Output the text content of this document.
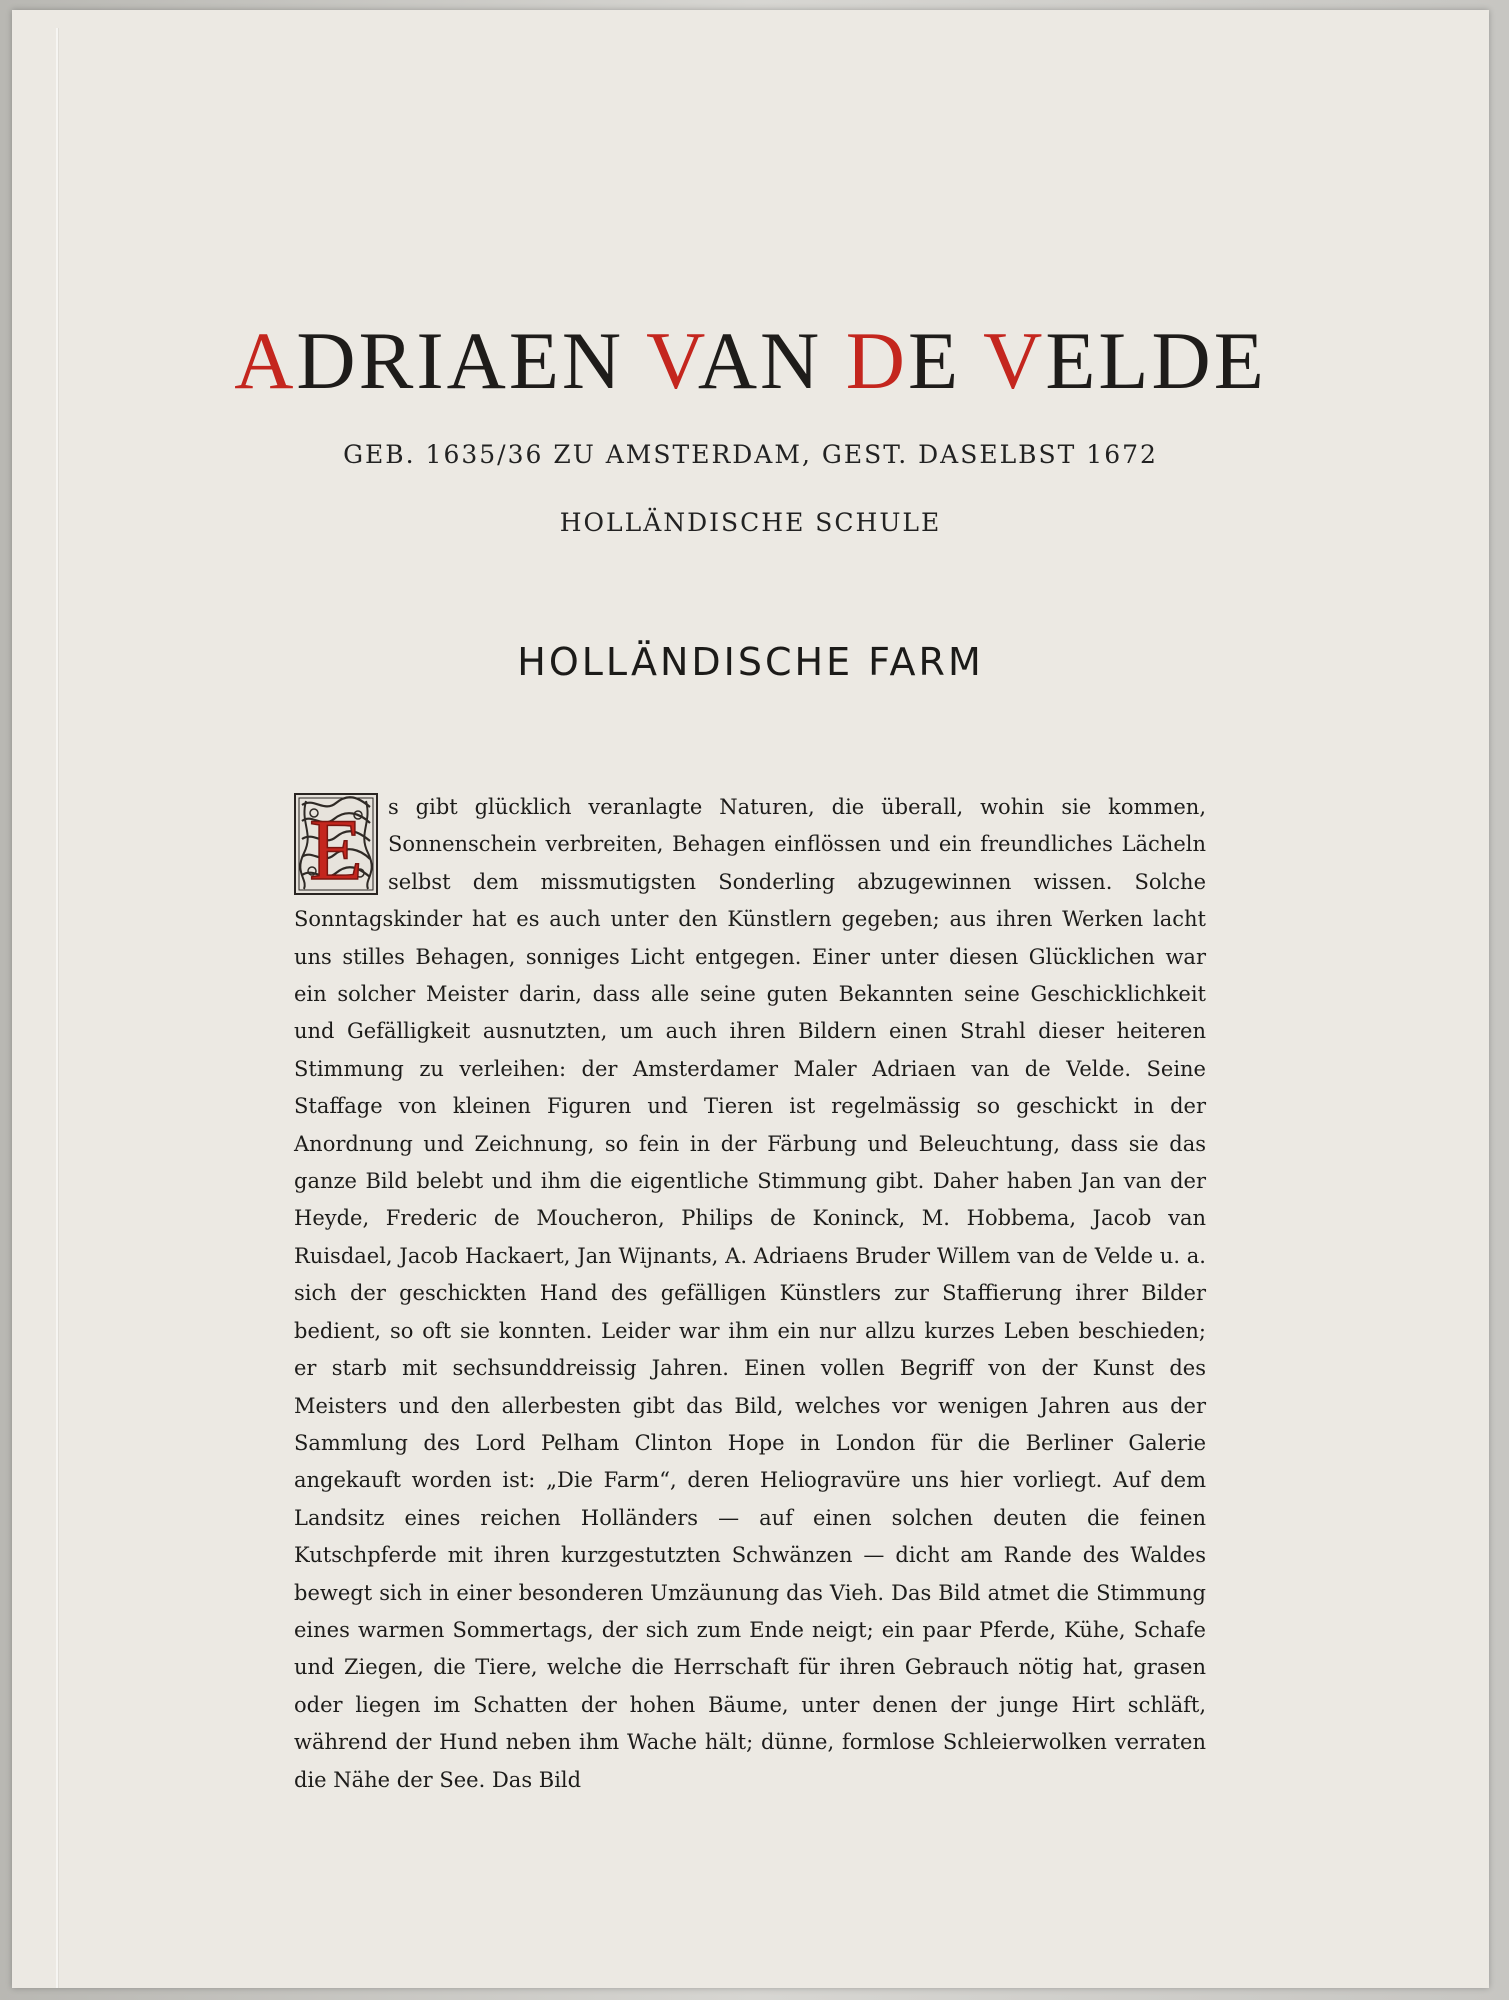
ADRIAEN VAN DE VELDE
GEB. 1635/36 ZU AMSTERDAM, GEST. DASELBST 1672
HOLLÄNDISCHE SCHULE
HOLLÄNDISCHE FARM
E s gibt glücklich veranlagte Naturen, die überall, wohin sie kommen, Sonnenschein verbreiten, Behagen einflössen und ein freundliches Lächeln selbst dem missmutigsten Sonderling abzugewinnen wissen. Solche Sonntagskinder hat es auch unter den Künstlern gegeben; aus ihren Werken lacht uns stilles Behagen, sonniges Licht entgegen. Einer unter diesen Glücklichen war ein solcher Meister darin, dass alle seine guten Bekannten seine Geschicklichkeit und Gefälligkeit ausnutzten, um auch ihren Bildern einen Strahl dieser heiteren Stimmung zu verleihen: der Amsterdamer Maler Adriaen van de Velde. Seine Staffage von kleinen Figuren und Tieren ist regelmässig so geschickt in der Anordnung und Zeichnung, so fein in der Färbung und Beleuchtung, dass sie das ganze Bild belebt und ihm die eigentliche Stimmung gibt. Daher haben Jan van der Heyde, Frederic de Moucheron, Philips de Koninck, M. Hobbema, Jacob van Ruisdael, Jacob Hackaert, Jan Wijnants, A. Adriaens Bruder Willem van de Velde u. a. sich der geschickten Hand des gefälligen Künstlers zur Staffierung ihrer Bilder bedient, so oft sie konnten. Leider war ihm ein nur allzu kurzes Leben beschieden; er starb mit sechsunddreissig Jahren. Einen vollen Begriff von der Kunst des Meisters und den allerbesten gibt das Bild, welches vor wenigen Jahren aus der Sammlung des Lord Pelham Clinton Hope in London für die Berliner Galerie angekauft worden ist: „Die Farm“, deren Heliogravüre uns hier vorliegt. Auf dem Landsitz eines reichen Holländers — auf einen solchen deuten die feinen Kutschpferde mit ihren kurzgestutzten Schwänzen — dicht am Rande des Waldes bewegt sich in einer besonderen Umzäunung das Vieh. Das Bild atmet die Stimmung eines warmen Sommertags, der sich zum Ende neigt; ein paar Pferde, Kühe, Schafe und Ziegen, die Tiere, welche die Herrschaft für ihren Gebrauch nötig hat, grasen oder liegen im Schatten der hohen Bäume, unter denen der junge Hirt schläft, während der Hund neben ihm Wache hält; dünne, formlose Schleierwolken verraten die Nähe der See. Das Bild
